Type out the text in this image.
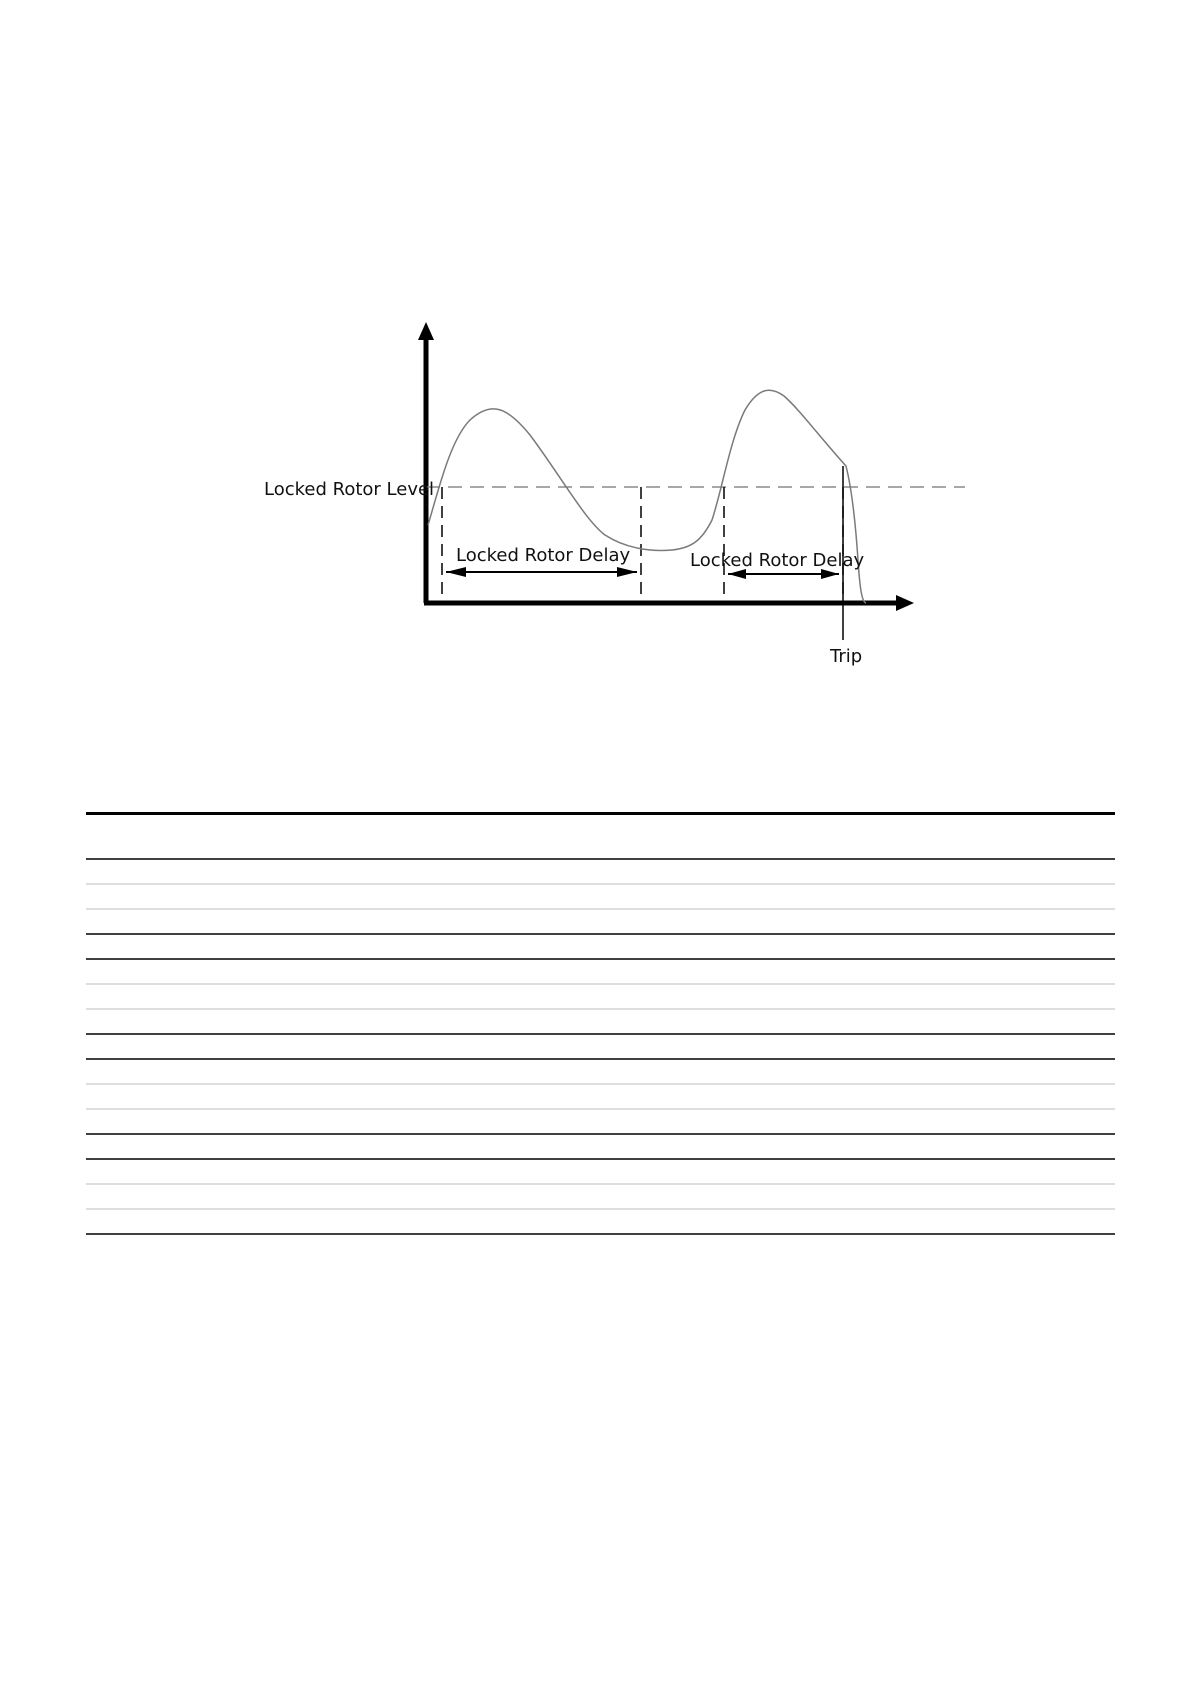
Locked Rotor Level
Locked Rotor Delay	Locked Rotor Delay
Trip
